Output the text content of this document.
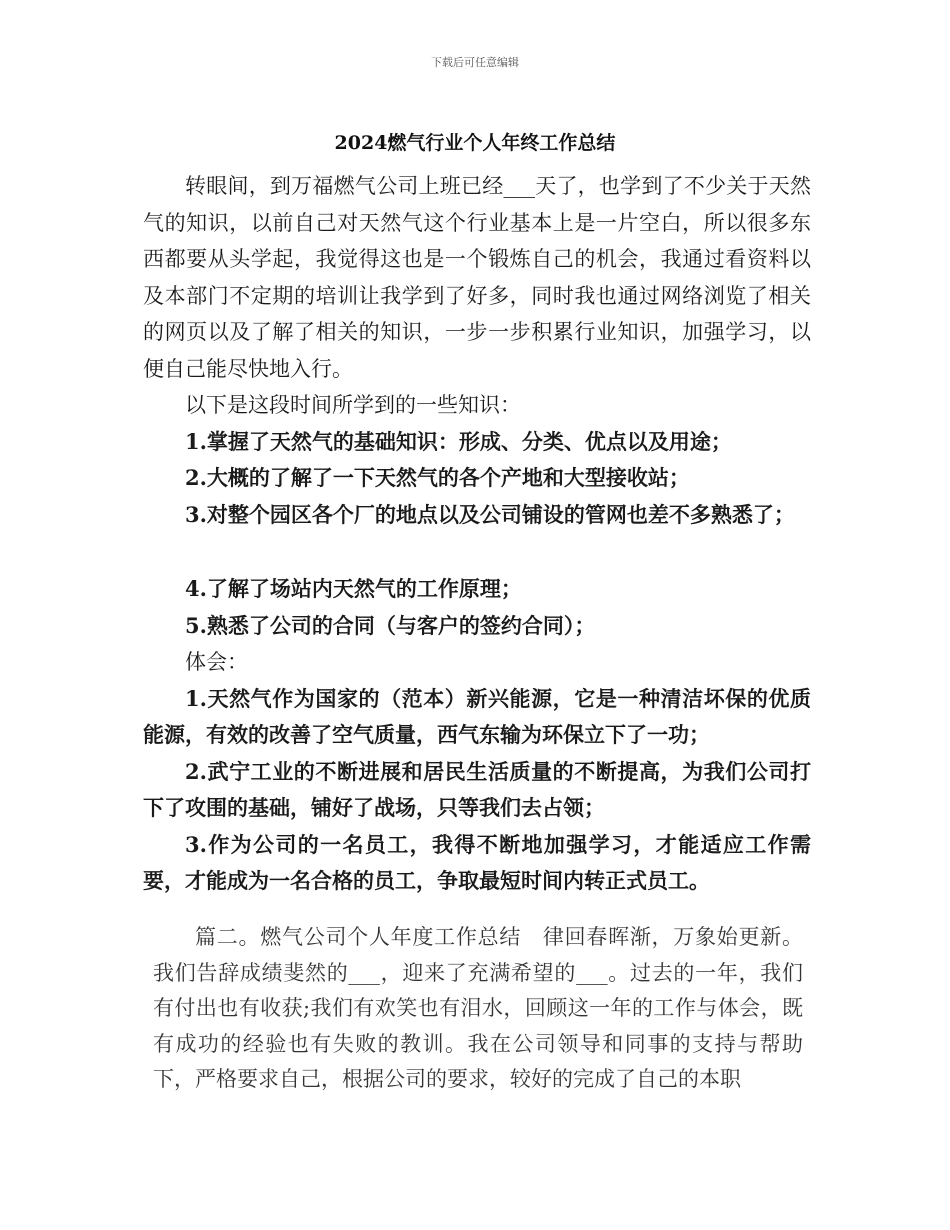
下载后可任意编辑
2024燃气行业个人年终工作总结

转眼间，到万福燃气公司上班已经___天了，也学到了不少关于天然气的知识，以前自己对天然气这个行业基本上是一片空白，所以很多东西都要从头学起，我觉得这也是一个锻炼自己的机会，我通过看资料以及本部门不定期的培训让我学到了好多，同时我也通过网络浏览了相关的网页以及了解了相关的知识，一步一步积累行业知识，加强学习，以便自己能尽快地入行。

以下是这段时间所学到的一些知识：

1.掌握了天然气的基础知识：形成、分类、优点以及用途；

2.大概的了解了一下天然气的各个产地和大型接收站；

3.对整个园区各个厂的地点以及公司铺设的管网也差不多熟悉了；

4.了解了场站内天然气的工作原理；

5.熟悉了公司的合同（与客户的签约合同）；

体会：

1.天然气作为国家的（范本）新兴能源，它是一种清洁坏保的优质能源，有效的改善了空气质量，西气东输为环保立下了一功；

2.武宁工业的不断进展和居民生活质量的不断提高，为我们公司打下了攻围的基础，铺好了战场，只等我们去占领；

3.作为公司的一名员工，我得不断地加强学习，才能适应工作需要，才能成为一名合格的员工，争取最短时间内转正式员工。

篇二。燃气公司个人年度工作总结　律回春晖渐，万象始更新。我们告辞成绩斐然的___，迎来了充满希望的___。过去的一年，我们有付出也有收获;我们有欢笑也有泪水，回顾这一年的工作与体会，既有成功的经验也有失败的教训。我在公司领导和同事的支持与帮助下，严格要求自己，根据公司的要求，较好的完成了自己的本职
